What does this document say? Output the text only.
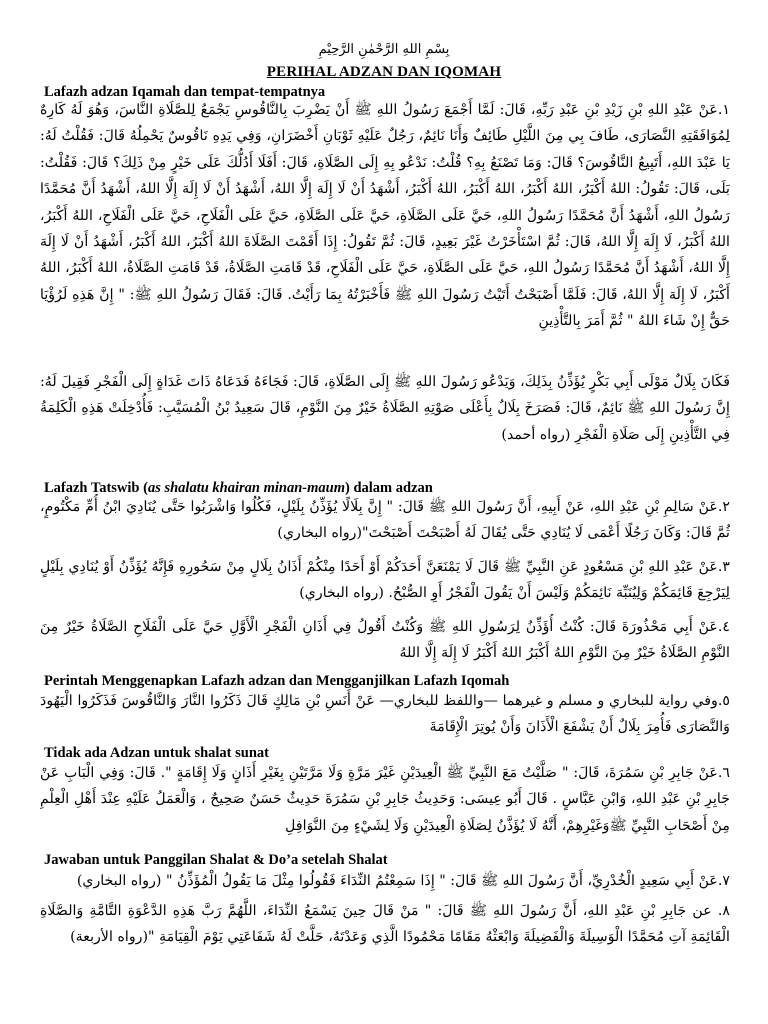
بِسْمِ اللهِ الرَّحْمٰنِ الرَّحِيْمِ
PERIHAL ADZAN DAN IQOMAH
Lafazh adzan Iqamah dan tempat-tempatnya
١.عَنْ عَبْدِ اللهِ بْنِ زَيْدِ بْنِ عَبْدِ رَبِّهِ، قَالَ: لَمَّا أَجْمَعَ رَسُولُ اللهِ ﷺ أَنْ يَضْرِبَ بِالنَّاقُوسِ يَجْمَعُ لِلصَّلَاةِ النَّاسَ، وَهُوَ لَهُ كَارِهٌ لِمُوَافَقَتِهِ النَّصَارَى، طَافَ بِي مِنَ اللَّيْلِ طَائِفٌ وَأَنَا نَائِمٌ، رَجُلٌ عَلَيْهِ ثَوْبَانِ أَخْضَرَانِ، وَفِي يَدِهِ نَاقُوسٌ يَحْمِلُهُ قَالَ: فَقُلْتُ لَهُ: يَا عَبْدَ اللهِ، أَتَبِيعُ النَّاقُوسَ؟ قَالَ: وَمَا تَصْنَعُ بِهِ؟ قُلْتُ: نَدْعُو بِهِ إِلَى الصَّلَاةِ، قَالَ: أَفَلَا أَدُلُّكَ عَلَى خَيْرٍ مِنْ ذَلِكَ؟ قَالَ: فَقُلْتُ: بَلَى، قَالَ: تَقُولُ: اللهُ أَكْبَرُ، اللهُ أَكْبَرُ، اللهُ أَكْبَرُ، اللهُ أَكْبَرُ، أَشْهَدُ أَنْ لَا إِلَهَ إِلَّا اللهُ، أَشْهَدُ أَنْ لَا إِلَهَ إِلَّا اللهُ، أَشْهَدُ أَنَّ مُحَمَّدًا رَسُولُ اللهِ، أَشْهَدُ أَنَّ مُحَمَّدًا رَسُولُ اللهِ، حَيَّ عَلَى الصَّلَاةِ، حَيَّ عَلَى الصَّلَاةِ، حَيَّ عَلَى الْفَلَاحِ، حَيَّ عَلَى الْفَلَاحِ، اللهُ أَكْبَرُ، اللهُ أَكْبَرُ، لَا إِلَهَ إِلَّا اللهُ، قَالَ: ثُمَّ اسْتَأْخَرْتُ غَيْرَ بَعِيدٍ، قَالَ: ثُمَّ تَقُولُ: إِذَا أَقَمْتَ الصَّلَاةَ اللهُ أَكْبَرُ، اللهُ أَكْبَرُ، أَشْهَدُ أَنْ لَا إِلَهَ إِلَّا اللهُ، أَشْهَدُ أَنَّ مُحَمَّدًا رَسُولُ اللهِ، حَيَّ عَلَى الصَّلَاةِ، حَيَّ عَلَى الْفَلَاحِ، قَدْ قَامَتِ الصَّلَاةُ، قَدْ قَامَتِ الصَّلَاةُ، اللهُ أَكْبَرُ، اللهُ أَكْبَرُ، لَا إِلَهَ إِلَّا اللهُ، قَالَ: فَلَمَّا أَصْبَحْتُ أَتَيْتُ رَسُولَ اللهِ ﷺ فَأَخْبَرْتُهُ بِمَا رَأَيْتُ. قَالَ: فَقَالَ رَسُولُ اللهِ ﷺ: " إِنَّ هَذِهِ لَرُؤْيَا حَقٌّ إِنْ شَاءَ اللهُ " ثُمَّ أَمَرَ بِالتَّأْذِينِ
فَكَانَ بِلَالٌ مَوْلَى أَبِي بَكْرٍ يُؤَذِّنُ بِذَلِكَ، وَيَدْعُو رَسُولَ اللهِ ﷺ إِلَى الصَّلَاةِ، قَالَ: فَجَاءَهُ فَدَعَاهُ ذَاتَ غَدَاةٍ إِلَى الْفَجْرِ فَقِيلَ لَهُ: إِنَّ رَسُولَ اللهِ ﷺ نَائِمٌ، قَالَ: فَصَرَخَ بِلَالٌ بِأَعْلَى صَوْتِهِ الصَّلَاةُ خَيْرٌ مِنَ النَّوْمِ، قَالَ سَعِيدُ بْنُ الْمُسَيَّبِ: فَأُدْخِلَتْ هَذِهِ الْكَلِمَةُ فِي التَّأْذِينِ إِلَى صَلَاةِ الْفَجْرِ (رواه أحمد)
Lafazh Tatswib (as shalatu khairan minan-maum) dalam adzan
٢.عَنْ سَالِمِ بْنِ عَبْدِ اللهِ، عَنْ أَبِيهِ، أَنَّ رَسُولَ اللهِ ﷺ قَالَ: " إِنَّ بِلَالًا يُؤَذِّنُ بِلَيْلٍ، فَكُلُوا وَاشْرَبُوا حَتَّى يُنَادِيَ ابْنُ أُمِّ مَكْتُومٍ، ثُمَّ قَالَ: وَكَانَ رَجُلًا أَعْمَى لَا يُنَادِي حَتَّى يُقَالَ لَهُ أَصْبَحْتَ أَصْبَحْتَ"(رواه البخاري)
٣.عَنْ عَبْدِ اللهِ بْنِ مَسْعُودٍ عَنِ النَّبِيِّ ﷺ قَالَ لَا يَمْنَعَنَّ أَحَدَكُمْ أَوْ أَحَدًا مِنْكُمْ أَذَانُ بِلَالٍ مِنْ سَحُورِهِ فَإِنَّهُ يُؤَذِّنُ أَوْ يُنَادِي بِلَيْلٍ لِيَرْجِعَ قَائِمَكُمْ وَلِيُنَبِّهَ نَائِمَكُمْ وَلَيْسَ أَنْ يَقُولَ الْفَجْرُ أَوِ الصُّبْحُ. (رواه البخاري)
٤.عَنْ أَبِي مَحْذُورَةَ قَالَ: كُنْتُ أُؤَذِّنُ لِرَسُولِ اللهِ ﷺ وَكُنْتُ أَقُولُ فِي أَذَانِ الْفَجْرِ الْأَوَّلِ حَيَّ عَلَى الْفَلَاحِ الصَّلَاةُ خَيْرٌ مِنَ النَّوْمِ الصَّلَاةُ خَيْرٌ مِنَ النَّوْمِ اللهُ أَكْبَرُ اللهُ أَكْبَرُ لَا إِلَهَ إِلَّا اللهُ
Perintah Menggenapkan Lafazh adzan dan Mengganjilkan Lafazh Iqomah
٥.وفي رواية للبخاري و مسلم و غيرهما —واللفظ للبخاري— عَنْ أَنَسِ بْنِ مَالِكٍ قَالَ ذَكَرُوا النَّارَ وَالنَّاقُوسَ فَذَكَرُوا الْيَهُودَ وَالنَّصَارَى فَأُمِرَ بِلَالٌ أَنْ يَشْفَعَ الْأَذَانَ وَأَنْ يُوتِرَ الْإِقَامَةَ
Tidak ada Adzan untuk shalat sunat
٦.عَنْ جَابِرِ بْنِ سَمُرَةَ، قَالَ: " صَلَّيْتُ مَعَ النَّبِيِّ ﷺ الْعِيدَيْنِ غَيْرَ مَرَّةٍ وَلَا مَرَّتَيْنِ بِغَيْرِ أَذَانٍ وَلَا إِقَامَةٍ ". قَالَ: وَفِي الْبَابِ عَنْ جَابِرِ بْنِ عَبْدِ اللهِ، وَابْنِ عَبَّاسٍ . قَالَ أَبُو عِيسَى: وَحَدِيثُ جَابِرِ بْنِ سَمُرَةَ حَدِيثٌ حَسَنٌ صَحِيحٌ ، وَالْعَمَلُ عَلَيْهِ عِنْدَ أَهْلِ الْعِلْمِ مِنْ أَصْحَابِ النَّبِيِّ ﷺوَغَيْرِهِمْ، أَنَّهُ لَا يُؤَذَّنُ لِصَلَاةِ الْعِيدَيْنِ وَلَا لِشَيْءٍ مِنَ النَّوَافِلِ
Jawaban untuk Panggilan Shalat & Do’a setelah Shalat
٧.عَنْ أَبِي سَعِيدٍ الْخُدْرِيِّ، أَنَّ رَسُولَ اللهِ ﷺ قَالَ: " إِذَا سَمِعْتُمُ النِّدَاءَ فَقُولُوا مِثْلَ مَا يَقُولُ الْمُؤَذِّنُ " (رواه البخاري)
٨. عن جَابِرِ بْنِ عَبْدِ اللهِ، أَنَّ رَسُولَ اللهِ ﷺ قَالَ: " مَنْ قَالَ حِينَ يَسْمَعُ النِّدَاءَ، اللَّهُمَّ رَبَّ هَذِهِ الدَّعْوَةِ التَّامَّةِ وَالصَّلَاةِ الْقَائِمَةِ آتِ مُحَمَّدًا الْوَسِيلَةَ وَالْفَضِيلَةَ وَابْعَثْهُ مَقَامًا مَحْمُودًا الَّذِي وَعَدْتَهُ، حَلَّتْ لَهُ شَفَاعَتِي يَوْمَ الْقِيَامَةِ "(رواه الأربعة)
